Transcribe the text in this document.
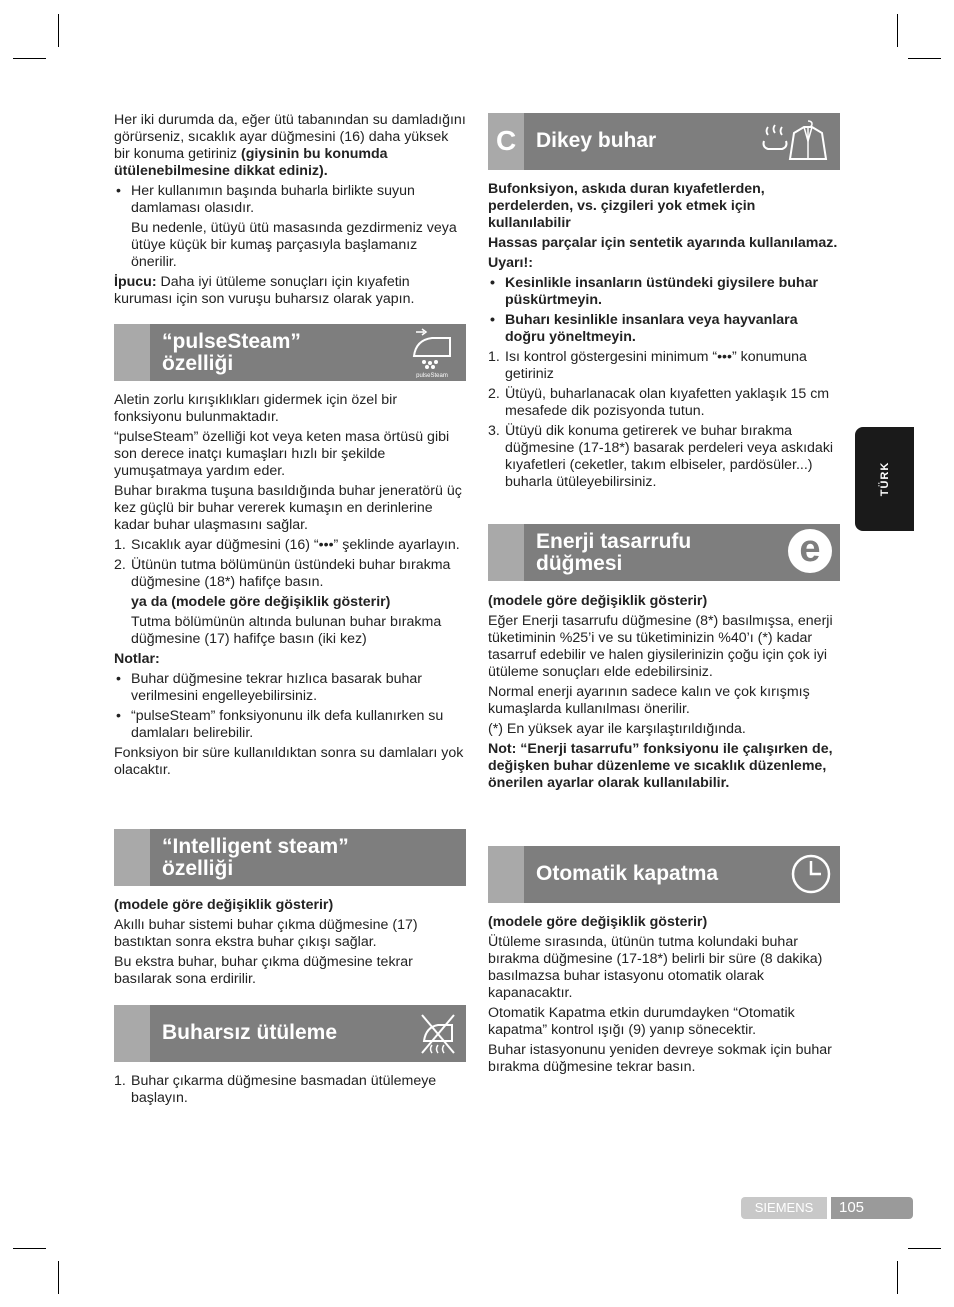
Her iki durumda da, eğer ütü tabanından su damladığını görürseniz, sıcaklık ayar düğmesini (16) daha yüksek bir konuma getiriniz (giysinin bu konumda ütülenebilmesine dikkat ediniz).

• Her kullanımın başında buharla birlikte suyun damlaması olasıdır.
Bu nedenle, ütüyü ütü masasında gezdirmeniz veya ütüye küçük bir kumaş parçasıyla başlamanız önerilir.

İpucu: Daha iyi ütüleme sonuçları için kıyafetin kuruması için son vuruşu buharsız olarak yapın.

“pulseSteam”
özelliği
pulseSteam

Aletin zorlu kırışıklıkları gidermek için özel bir fonksiyonu bulunmaktadır.

“pulseSteam” özelliği kot veya keten masa örtüsü gibi son derece inatçı kumaşları hızlı bir şekilde yumuşatmaya yardım eder.

Buhar bırakma tuşuna basıldığında buhar jeneratörü üç kez güçlü bir buhar vererek kumaşın en derinlerine kadar buhar ulaşmasını sağlar.

1. Sıcaklık ayar düğmesini (16) “•••” şeklinde ayarlayın.
2. Ütünün tutma bölümünün üstündeki buhar bırakma düğmesine (18*) hafifçe basın.
ya da (modele göre değişiklik gösterir)
Tutma bölümünün altında bulunan buhar bırakma düğmesine (17) hafifçe basın (iki kez)

Notlar:

• Buhar düğmesine tekrar hızlıca basarak buhar verilmesini engelleyebilirsiniz.
• “pulseSteam” fonksiyonunu ilk defa kullanırken su damlaları belirebilir.

Fonksiyon bir süre kullanıldıktan sonra su damlaları yok olacaktır.

“Intelligent steam”
özelliği

(modele göre değişiklik gösterir)

Akıllı buhar sistemi buhar çıkma düğmesine (17) bastıktan sonra ekstra buhar çıkışı sağlar.

Bu ekstra buhar, buhar çıkma düğmesine tekrar basılarak sona erdirilir.

Buharsız ütüleme
1. Buhar çıkarma düğmesine basmadan ütülemeye başlayın.
C Dikey buhar

Bufonksiyon, askıda duran kıyafetlerden, perdelerden, vs. çizgileri yok etmek için kullanılabilir

Hassas parçalar için sentetik ayarında kullanılamaz.

Uyarı!:

• Kesinlikle insanların üstündeki giysilere buhar püskürtmeyin.
• Buharı kesinlikle insanlara veya hayvanlara doğru yöneltmeyin.
1. Isı kontrol göstergesini minimum “•••” konumuna getiriniz
2. Ütüyü, buharlanacak olan kıyafetten yaklaşık 15 cm mesafede dik pozisyonda tutun.
3. Ütüyü dik konuma getirerek ve buhar bırakma düğmesine (17-18*) basarak perdeleri veya askıdaki kıyafetleri (ceketler, takım elbiseler, pardösüler...) buharla ütüleyebilirsiniz.
Enerji tasarrufu
düğmesi	e

(modele göre değişiklik gösterir)

Eğer Enerji tasarrufu düğmesine (8*) basılmışsa, enerji tüketiminin %25’i ve su tüketiminizin %40’ı (*) kadar tasarruf edebilir ve halen giysilerinizin çoğu için çok iyi ütüleme sonuçları elde edebilirsiniz.

Normal enerji ayarının sadece kalın ve çok kırışmış kumaşlarda kullanılması önerilir.

(*) En yüksek ayar ile karşılaştırıldığında.

Not: “Enerji tasarrufu” fonksiyonu ile çalışırken de, değişken buhar düzenleme ve sıcaklık düzenleme, önerilen ayarlar olarak kullanılabilir.

Otomatik kapatma

(modele göre değişiklik gösterir)

Ütüleme sırasında, ütünün tutma kolundaki buhar bırakma düğmesine (17-18*) belirli bir süre (8 dakika) basılmazsa buhar istasyonu otomatik olarak kapanacaktır.

Otomatik Kapatma etkin durumdayken “Otomatik kapatma” kontrol ışığı (9) yanıp sönecektir.

Buhar istasyonunu yeniden devreye sokmak için buhar bırakma düğmesine tekrar basın.

TÜRK
SIEMENS	105
